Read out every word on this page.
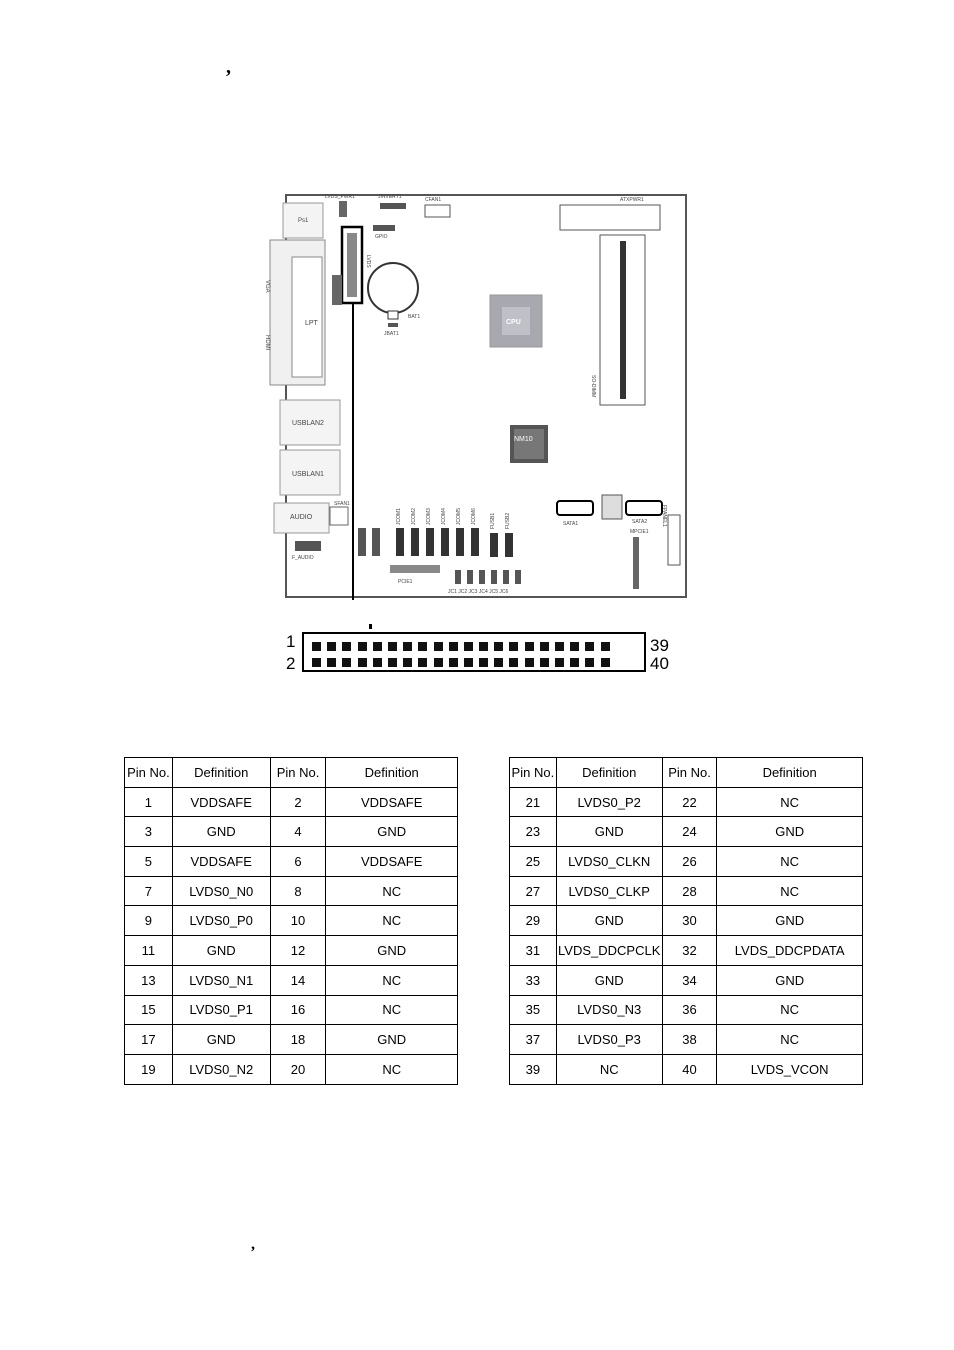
,
LPT
VGA
HDMI
Ps1
USBLAN2
USBLAN1
AUDIO
SFAN1
F_AUDIO
LVDS_PWR1	JINVERT1
GPIO
CFAN1	ATXPWR1
LVDS
BAT1
JBAT1
CPU
SO-DIMM
NM10
SATA1	SATA2
MPCIE1
FPANEL1
JCOM1 JCOM2 JCOM3 JCOM4 JCOM5 JCOM6	FUSB1 FUSB2
PCIE1
JC1 JC2 JC3 JC4 JC5 JC6
1
2
39
40
Pin No.	Definition	Pin No.	Definition
1	VDDSAFE	2	VDDSAFE
3	GND	4	GND
5	VDDSAFE	6	VDDSAFE
7	LVDS0_N0	8	NC
9	LVDS0_P0	10	NC
11	GND	12	GND
13	LVDS0_N1	14	NC
15	LVDS0_P1	16	NC
17	GND	18	GND
19	LVDS0_N2	20	NC
Pin No.	Definition	Pin No.	Definition
21	LVDS0_P2	22	NC
23	GND	24	GND
25	LVDS0_CLKN	26	NC
27	LVDS0_CLKP	28	NC
29	GND	30	GND
31	LVDS_DDCPCLK	32	LVDS_DDCPDATA
33	GND	34	GND
35	LVDS0_N3	36	NC
37	LVDS0_P3	38	NC
39	NC	40	LVDS_VCON
,
